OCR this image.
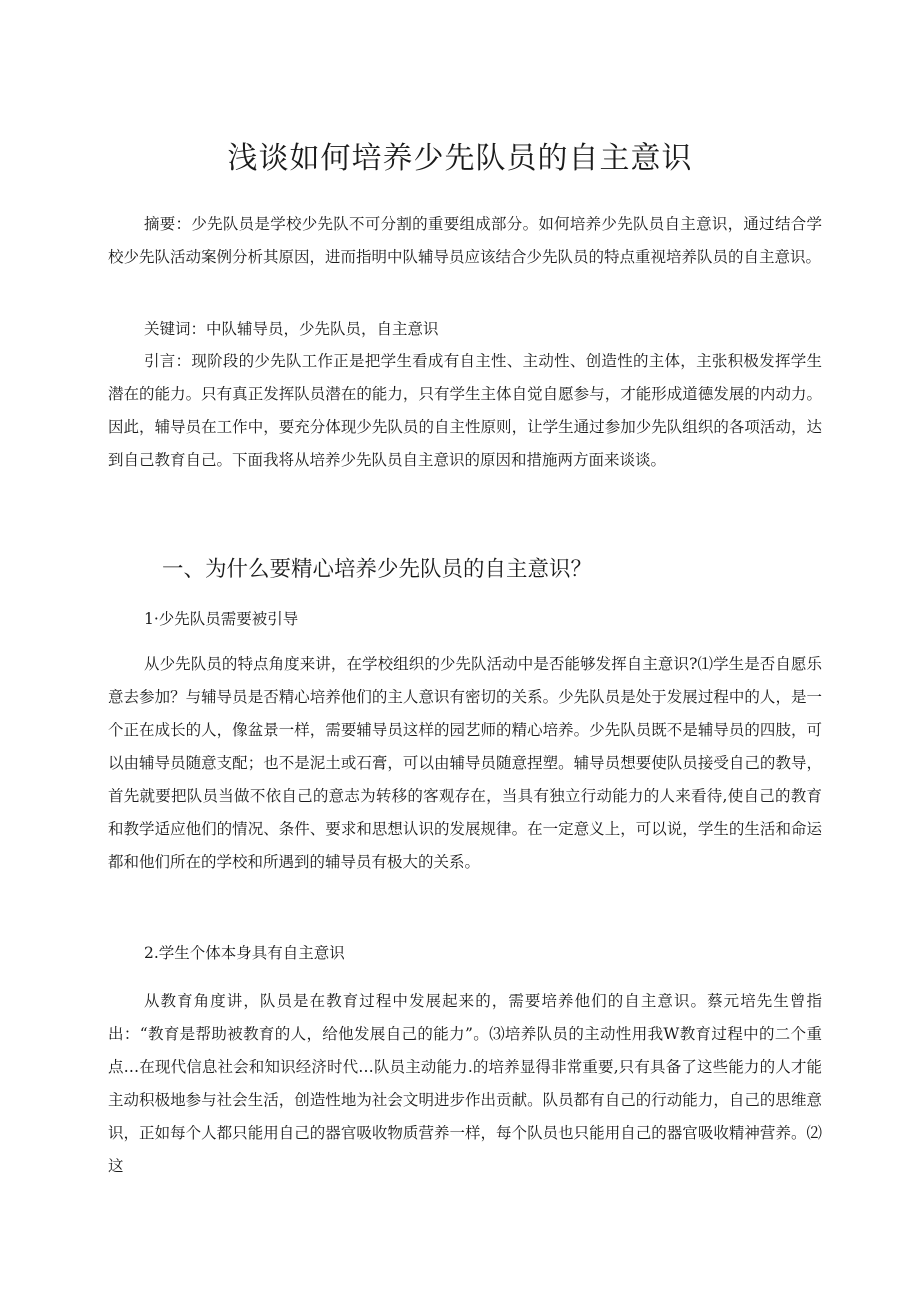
浅谈如何培养少先队员的自主意识

摘要：少先队员是学校少先队不可分割的重要组成部分。如何培养少先队员自主意识，通过结合学校少先队活动案例分析其原因，进而指明中队辅导员应该结合少先队员的特点重视培养队员的自主意识。

关键词：中队辅导员，少先队员，自主意识

引言：现阶段的少先队工作正是把学生看成有自主性、主动性、创造性的主体，主张积极发挥学生潜在的能力。只有真正发挥队员潜在的能力，只有学生主体自觉自愿参与，才能形成道德发展的内动力。因此，辅导员在工作中，要充分体现少先队员的自主性原则，让学生通过参加少先队组织的各项活动，达到自己教育自己。下面我将从培养少先队员自主意识的原因和措施两方面来谈谈。

一、为什么要精心培养少先队员的自主意识？

1·少先队员需要被引导

从少先队员的特点角度来讲，在学校组织的少先队活动中是否能够发挥自主意识?⑴学生是否自愿乐意去参加？与辅导员是否精心培养他们的主人意识有密切的关系。少先队员是处于发展过程中的人，是一个正在成长的人，像盆景一样，需要辅导员这样的园艺师的精心培养。少先队员既不是辅导员的四肢，可以由辅导员随意支配；也不是泥土或石膏，可以由辅导员随意捏塑。辅导员想要使队员接受自己的教导，首先就要把队员当做不依自己的意志为转移的客观存在，当具有独立行动能力的人来看待,使自己的教育和教学适应他们的情况、条件、要求和思想认识的发展规律。在一定意义上，可以说，学生的生活和命运都和他们所在的学校和所遇到的辅导员有极大的关系。

2.学生个体本身具有自主意识

从教育角度讲，队员是在教育过程中发展起来的，需要培养他们的自主意识。蔡元培先生曾指出：“教育是帮助被教育的人，给他发展自己的能力”。⑶培养队员的主动性用我W教育过程中的二个重点…在现代信息社会和知识经济时代…队员主动能力.的培养显得非常重要,只有具备了这些能力的人才能主动积极地参与社会生活，创造性地为社会文明进步作出贡献。队员都有自己的行动能力，自己的思维意识，正如每个人都只能用自己的器官吸收物质营养一样，每个队员也只能用自己的器官吸收精神营养。⑵这
